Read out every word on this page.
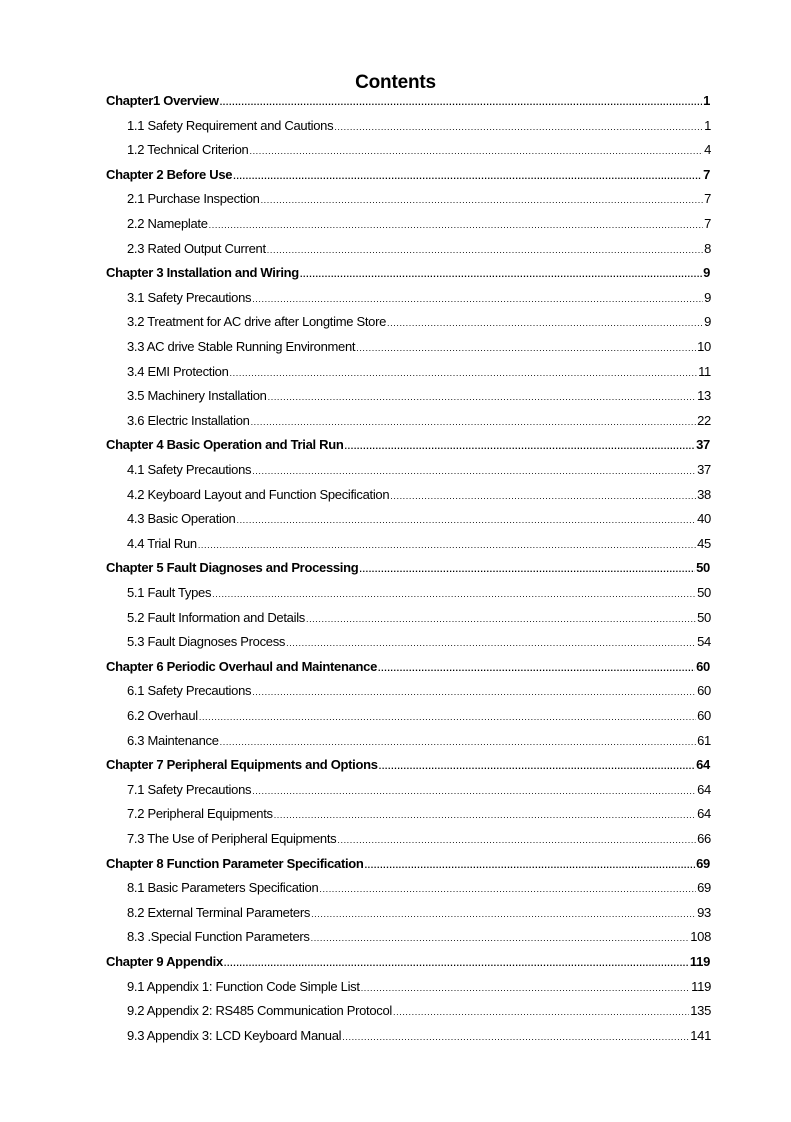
Contents
Chapter1 Overview .....	1
1.1 Safety Requirement and Cautions .....	1
1.2 Technical Criterion .....	4
Chapter 2 Before Use .....	7
2.1 Purchase Inspection .....	7
2.2 Nameplate .....	7
2.3 Rated Output Current .....	8
Chapter 3 Installation and Wiring .....	9
3.1 Safety Precautions .....	9
3.2 Treatment for AC drive after Longtime Store .....	9
3.3 AC drive Stable Running Environment .....	10
3.4 EMI Protection .....	11
3.5 Machinery Installation .....	13
3.6 Electric Installation .....	22
Chapter 4 Basic Operation and Trial Run .....	37
4.1 Safety Precautions .....	37
4.2 Keyboard Layout and Function Specification .....	38
4.3 Basic Operation .....	40
4.4 Trial Run .....	45
Chapter 5 Fault Diagnoses and Processing .....	50
5.1 Fault Types .....	50
5.2 Fault Information and Details .....	50
5.3 Fault Diagnoses Process .....	54
Chapter 6 Periodic Overhaul and Maintenance .....	60
6.1 Safety Precautions .....	60
6.2 Overhaul .....	60
6.3 Maintenance .....	61
Chapter 7 Peripheral Equipments and Options .....	64
7.1 Safety Precautions .....	64
7.2 Peripheral Equipments .....	64
7.3 The Use of Peripheral Equipments .....	66
Chapter 8 Function Parameter Specification .....	69
8.1 Basic Parameters Specification .....	69
8.2 External Terminal Parameters .....	93
8.3 .Special Function Parameters .....	108
Chapter 9 Appendix .....	119
9.1 Appendix 1: Function Code Simple List .....	119
9.2 Appendix 2: RS485 Communication Protocol .....	135
9.3 Appendix 3: LCD Keyboard Manual .....	141
